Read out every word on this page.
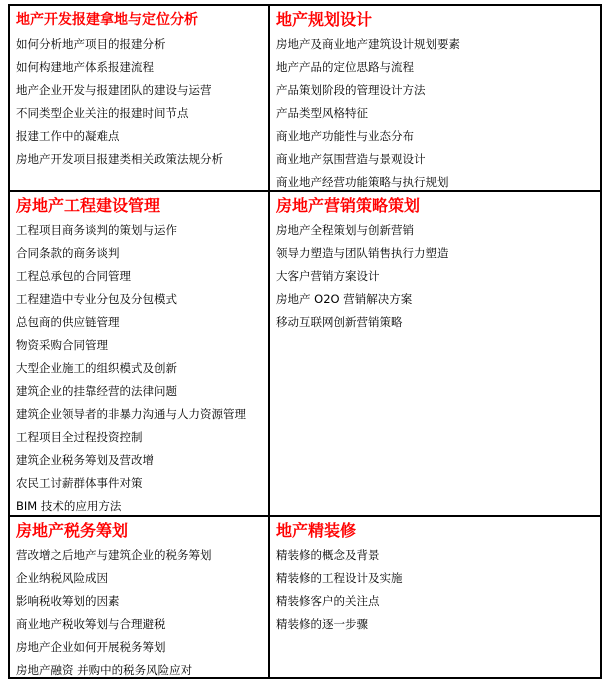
地产开发报建拿地与定位分析
如何分析地产项目的报建分析
如何构建地产体系报建流程
地产企业开发与报建团队的建设与运营
不同类型企业关注的报建时间节点
报建工作中的凝难点
房地产开发项目报建类相关政策法规分析
地产规划设计
房地产及商业地产建筑设计规划要素
地产产品的定位思路与流程
产品策划阶段的管理设计方法
产品类型风格特征
商业地产功能性与业态分布
商业地产氛围营造与景观设计
商业地产经营功能策略与执行规划
房地产工程建设管理
工程项目商务谈判的策划与运作
合同条款的商务谈判
工程总承包的合同管理
工程建造中专业分包及分包模式
总包商的供应链管理
物资采购合同管理
大型企业施工的组织模式及创新
建筑企业的挂靠经营的法律问题
建筑企业领导者的非暴力沟通与人力资源管理
工程项目全过程投资控制
建筑企业税务筹划及营改增
农民工讨薪群体事件对策
BIM 技术的应用方法
房地产营销策略策划
房地产全程策划与创新营销
领导力塑造与团队销售执行力塑造
大客户营销方案设计
房地产 O2O 营销解决方案
移动互联网创新营销策略
房地产税务筹划
营改增之后地产与建筑企业的税务筹划
企业纳税风险成因
影响税收筹划的因素
商业地产税收筹划与合理避税
房地产企业如何开展税务筹划
房地产融资 并购中的税务风险应对
地产精装修
精装修的概念及背景
精装修的工程设计及实施
精装修客户的关注点
精装修的逐一步骤
